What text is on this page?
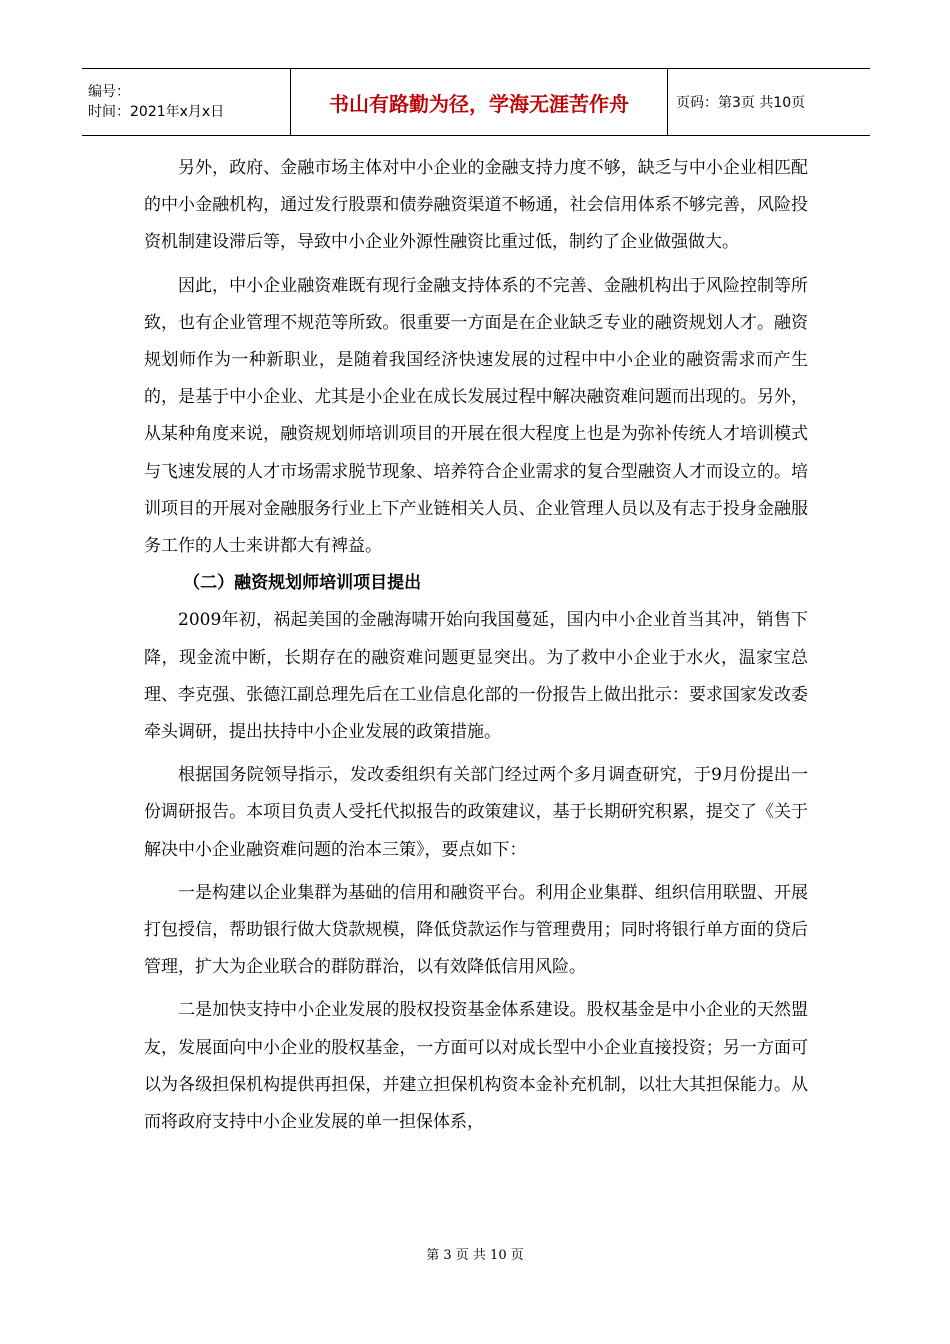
编号：
时间：2021年x月x日	书山有路勤为径，学海无涯苦作舟	页码：第3页 共10页

另外，政府、金融市场主体对中小企业的金融支持力度不够，缺乏与中小企业相匹配的中小金融机构，通过发行股票和债券融资渠道不畅通，社会信用体系不够完善，风险投资机制建设滞后等，导致中小企业外源性融资比重过低，制约了企业做强做大。

因此，中小企业融资难既有现行金融支持体系的不完善、金融机构出于风险控制等所致，也有企业管理不规范等所致。很重要一方面是在企业缺乏专业的融资规划人才。融资规划师作为一种新职业，是随着我国经济快速发展的过程中中小企业的融资需求而产生的，是基于中小企业、尤其是小企业在成长发展过程中解决融资难问题而出现的。另外，从某种角度来说，融资规划师培训项目的开展在很大程度上也是为弥补传统人才培训模式与飞速发展的人才市场需求脱节现象、培养符合企业需求的复合型融资人才而设立的。培训项目的开展对金融服务行业上下产业链相关人员、企业管理人员以及有志于投身金融服务工作的人士来讲都大有裨益。

（二）融资规划师培训项目提出

2009年初，祸起美国的金融海啸开始向我国蔓延，国内中小企业首当其冲，销售下降，现金流中断，长期存在的融资难问题更显突出。为了救中小企业于水火，温家宝总理、李克强、张德江副总理先后在工业信息化部的一份报告上做出批示：要求国家发改委牵头调研，提出扶持中小企业发展的政策措施。

根据国务院领导指示，发改委组织有关部门经过两个多月调查研究，于9月份提出一份调研报告。本项目负责人受托代拟报告的政策建议，基于长期研究积累，提交了《关于解决中小企业融资难问题的治本三策》，要点如下：

一是构建以企业集群为基础的信用和融资平台。利用企业集群、组织信用联盟、开展打包授信，帮助银行做大贷款规模，降低贷款运作与管理费用；同时将银行单方面的贷后管理，扩大为企业联合的群防群治，以有效降低信用风险。

二是加快支持中小企业发展的股权投资基金体系建设。股权基金是中小企业的天然盟友，发展面向中小企业的股权基金，一方面可以对成长型中小企业直接投资；另一方面可以为各级担保机构提供再担保，并建立担保机构资本金补充机制，以壮大其担保能力。从而将政府支持中小企业发展的单一担保体系，

第 3 页 共 10 页
